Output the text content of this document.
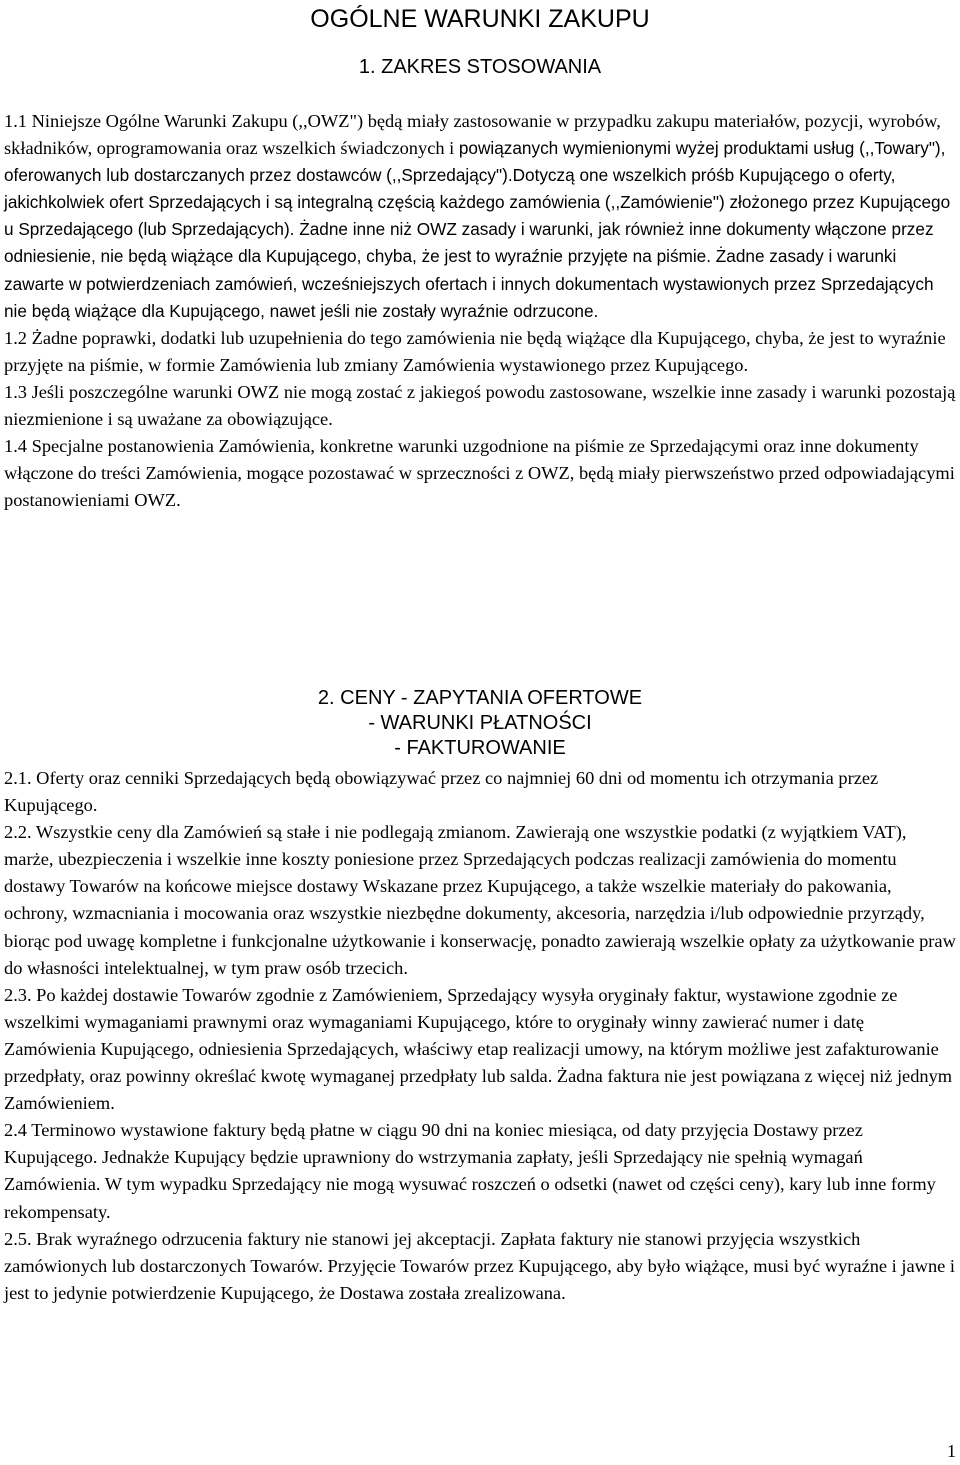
OGÓLNE WARUNKI ZAKUPU
1. ZAKRES STOSOWANIA

1.1 Niniejsze Ogólne Warunki Zakupu (,,OWZ") będą miały zastosowanie w przypadku zakupu materiałów, pozycji, wyrobów, składników, oprogramowania oraz wszelkich świadczonych i powiązanych wymienionymi wyżej produktami usług (,,Towary"), oferowanych lub dostarczanych przez dostawców (,,Sprzedający").Dotyczą one wszelkich próśb Kupującego o oferty, jakichkolwiek ofert Sprzedających i są integralną częścią każdego zamówienia (,,Zamówienie") złożonego przez Kupującego u Sprzedającego (lub Sprzedających). Żadne inne niż OWZ zasady i warunki, jak również inne dokumenty włączone przez odniesienie, nie będą wiążące dla Kupującego, chyba, że jest to wyraźnie przyjęte na piśmie. Żadne zasady i warunki zawarte w potwierdzeniach zamówień, wcześniejszych ofertach i innych dokumentach wystawionych przez Sprzedających nie będą wiążące dla Kupującego, nawet jeśli nie zostały wyraźnie odrzucone.

1.2 Żadne poprawki, dodatki lub uzupełnienia do tego zamówienia nie będą wiążące dla Kupującego, chyba, że jest to wyraźnie przyjęte na piśmie, w formie Zamówienia lub zmiany Zamówienia wystawionego przez Kupującego.

1.3 Jeśli poszczególne warunki OWZ nie mogą zostać z jakiegoś powodu zastosowane, wszelkie inne zasady i warunki pozostają niezmienione i są uważane za obowiązujące.

1.4 Specjalne postanowienia Zamówienia, konkretne warunki uzgodnione na piśmie ze Sprzedającymi oraz inne dokumenty włączone do treści Zamówienia, mogące pozostawać w sprzeczności z OWZ, będą miały pierwszeństwo przed odpowiadającymi postanowieniami OWZ.

2. CENY - ZAPYTANIA OFERTOWE
- WARUNKI PŁATNOŚCI
- FAKTUROWANIE

2.1. Oferty oraz cenniki Sprzedających będą obowiązywać przez co najmniej 60 dni od momentu ich otrzymania przez Kupującego.

2.2. Wszystkie ceny dla Zamówień są stałe i nie podlegają zmianom. Zawierają one wszystkie podatki (z wyjątkiem VAT), marże, ubezpieczenia i wszelkie inne koszty poniesione przez Sprzedających podczas realizacji zamówienia do momentu dostawy Towarów na końcowe miejsce dostawy Wskazane przez Kupującego, a także wszelkie materiały do pakowania, ochrony, wzmacniania i mocowania oraz wszystkie niezbędne dokumenty, akcesoria, narzędzia i/lub odpowiednie przyrządy, biorąc pod uwagę kompletne i funkcjonalne użytkowanie i konserwację, ponadto zawierają wszelkie opłaty za użytkowanie praw do własności intelektualnej, w tym praw osób trzecich.

2.3. Po każdej dostawie Towarów zgodnie z Zamówieniem, Sprzedający wysyła oryginały faktur, wystawione zgodnie ze wszelkimi wymaganiami prawnymi oraz wymaganiami Kupującego, które to oryginały winny zawierać numer i datę Zamówienia Kupującego, odniesienia Sprzedających, właściwy etap realizacji umowy, na którym możliwe jest zafakturowanie przedpłaty, oraz powinny określać kwotę wymaganej przedpłaty lub salda. Żadna faktura nie jest powiązana z więcej niż jednym Zamówieniem.

2.4 Terminowo wystawione faktury będą płatne w ciągu 90 dni na koniec miesiąca, od daty przyjęcia Dostawy przez Kupującego. Jednakże Kupujący będzie uprawniony do wstrzymania zapłaty, jeśli Sprzedający nie spełnią wymagań Zamówienia. W tym wypadku Sprzedający nie mogą wysuwać roszczeń o odsetki (nawet od części ceny), kary lub inne formy rekompensaty.

2.5. Brak wyraźnego odrzucenia faktury nie stanowi jej akceptacji. Zapłata faktury nie stanowi przyjęcia wszystkich zamówionych lub dostarczonych Towarów. Przyjęcie Towarów przez Kupującego, aby było wiążące, musi być wyraźne i jawne i jest to jedynie potwierdzenie Kupującego, że Dostawa została zrealizowana.

1
